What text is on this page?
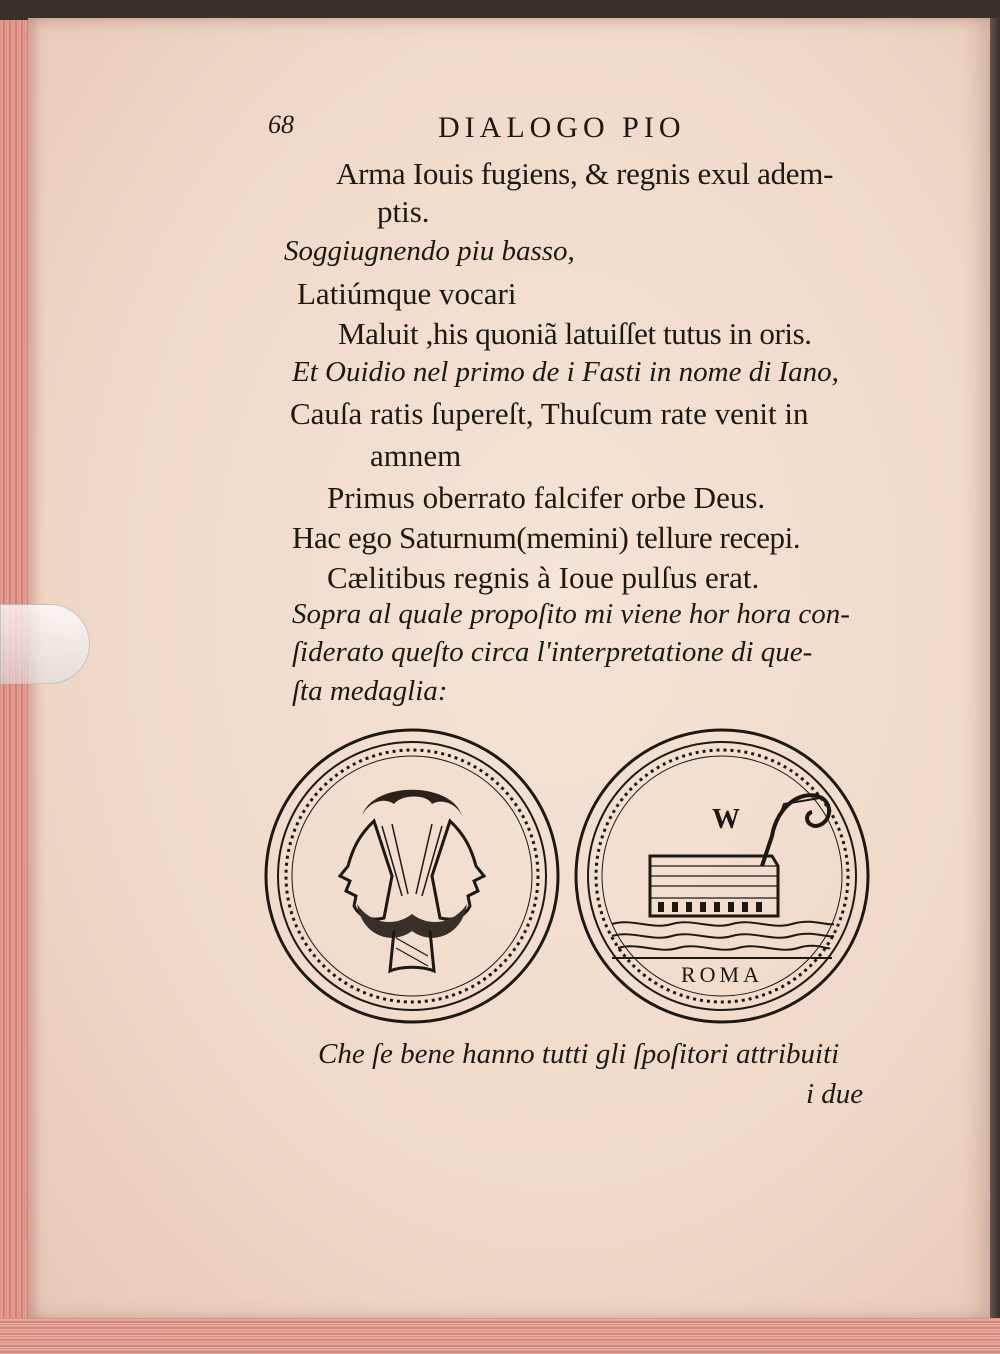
68	DIALOGO PIO
Arma Iouis fugiens, & regnis exul adem-
ptis.
Soggiugnendo piu basso,
Latiúmque vocari
Maluit ,his quoniã latuiſſet tutus in oris.
Et Ouidio nel primo de i Fasti in nome di Iano,
Cauſa ratis ſupereſt, Thuſcum rate venit in
amnem
Primus oberrato falcifer orbe Deus.
Hac ego Saturnum(memini) tellure recepi.
Cælitibus regnis à Ioue pulſus erat.
Sopra al quale propoſito mi viene hor hora con-
ſiderato queſto circa l'interpretatione di que-
ſta medaglia:
W
ROMA
Che ſe bene hanno tutti gli ſpoſitori attribuiti
i due
